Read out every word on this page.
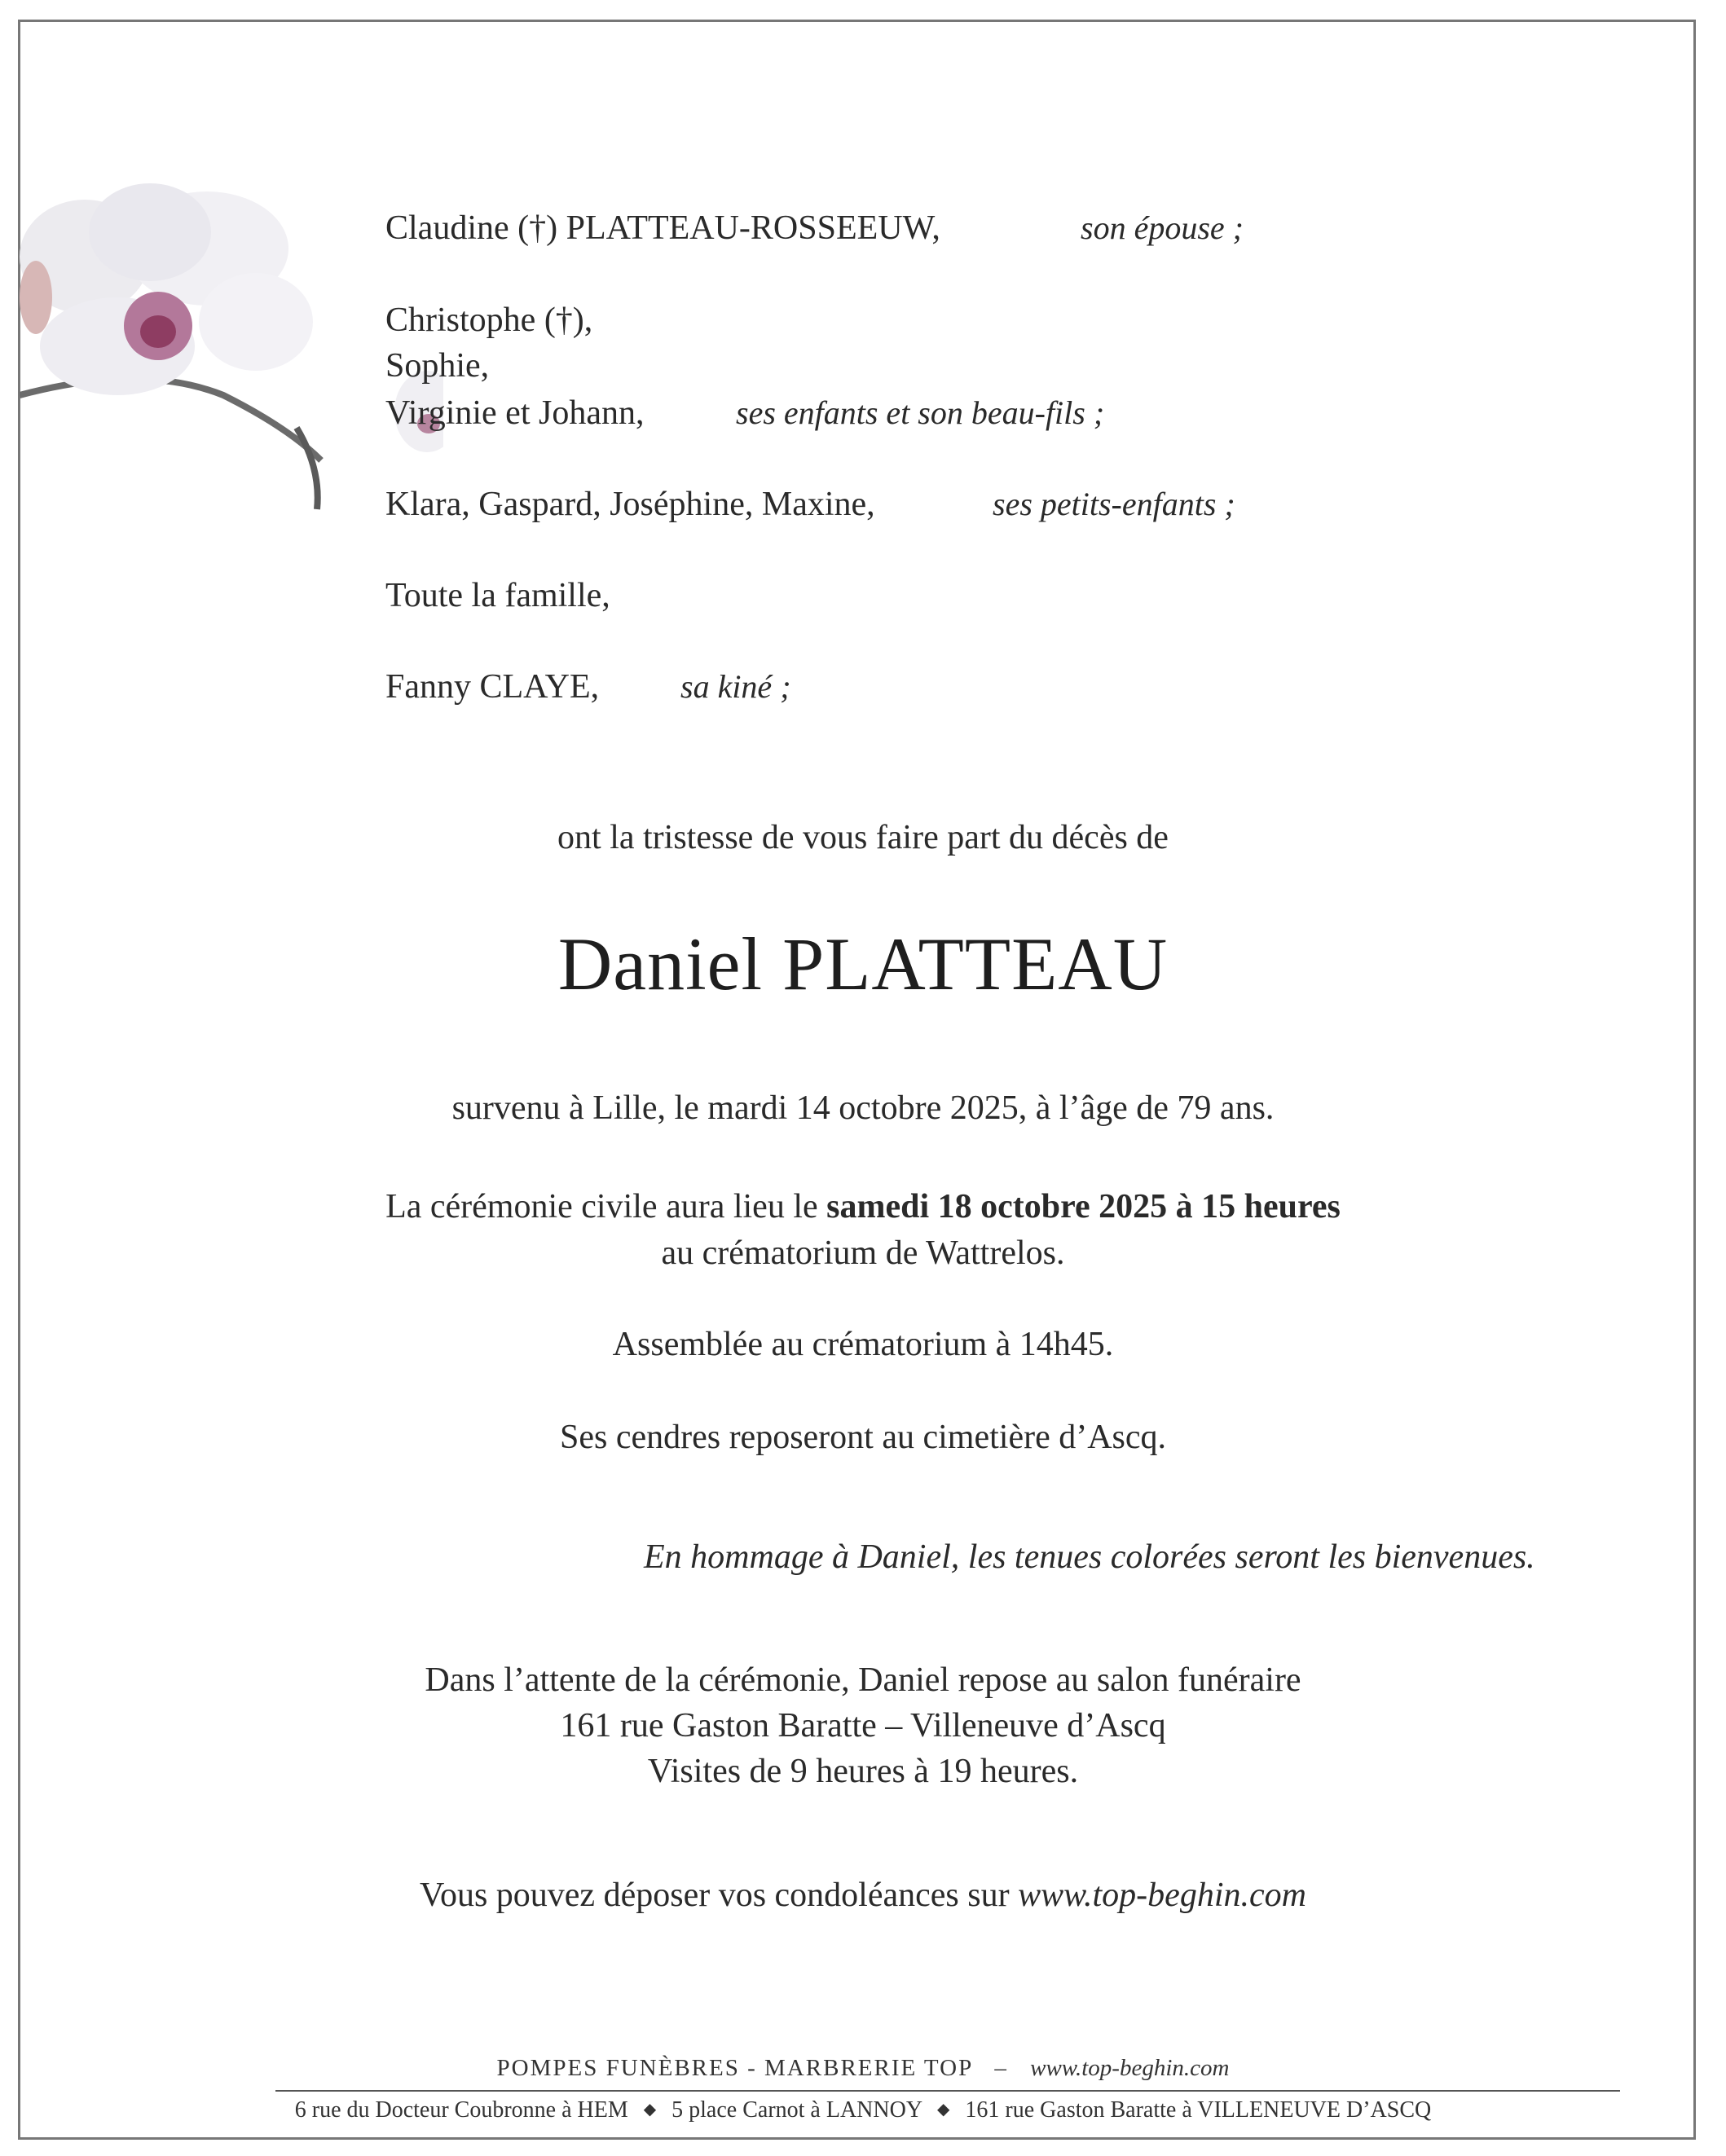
Claudine (†) PLATTEAU-ROSSEEUW,	son épouse ;
Christophe (†),
Sophie,
Virginie et Johann,	ses enfants et son beau-fils ;
Klara, Gaspard, Joséphine, Maxine,	ses petits-enfants ;
Toute la famille,
Fanny CLAYE, sa kiné ;
ont la tristesse de vous faire part du décès de
Daniel PLATTEAU
survenu à Lille, le mardi 14 octobre 2025, à l’âge de 79 ans.
La cérémonie civile aura lieu le samedi 18 octobre 2025 à 15 heures
au crématorium de Wattrelos.
Assemblée au crématorium à 14h45.
Ses cendres reposeront au cimetière d’Ascq.
En hommage à Daniel, les tenues colorées seront les bienvenues.
Dans l’attente de la cérémonie, Daniel repose au salon funéraire
161 rue Gaston Baratte – Villeneuve d’Ascq
Visites de 9 heures à 19 heures.
Vous pouvez déposer vos condoléances sur www.top-beghin.com
POMPES FUNÈBRES - MARBRERIE TOP – www.top-beghin.com
6 rue du Docteur Coubronne à HEM ◆ 5 place Carnot à LANNOY ◆ 161 rue Gaston Baratte à VILLENEUVE D’ASCQ
